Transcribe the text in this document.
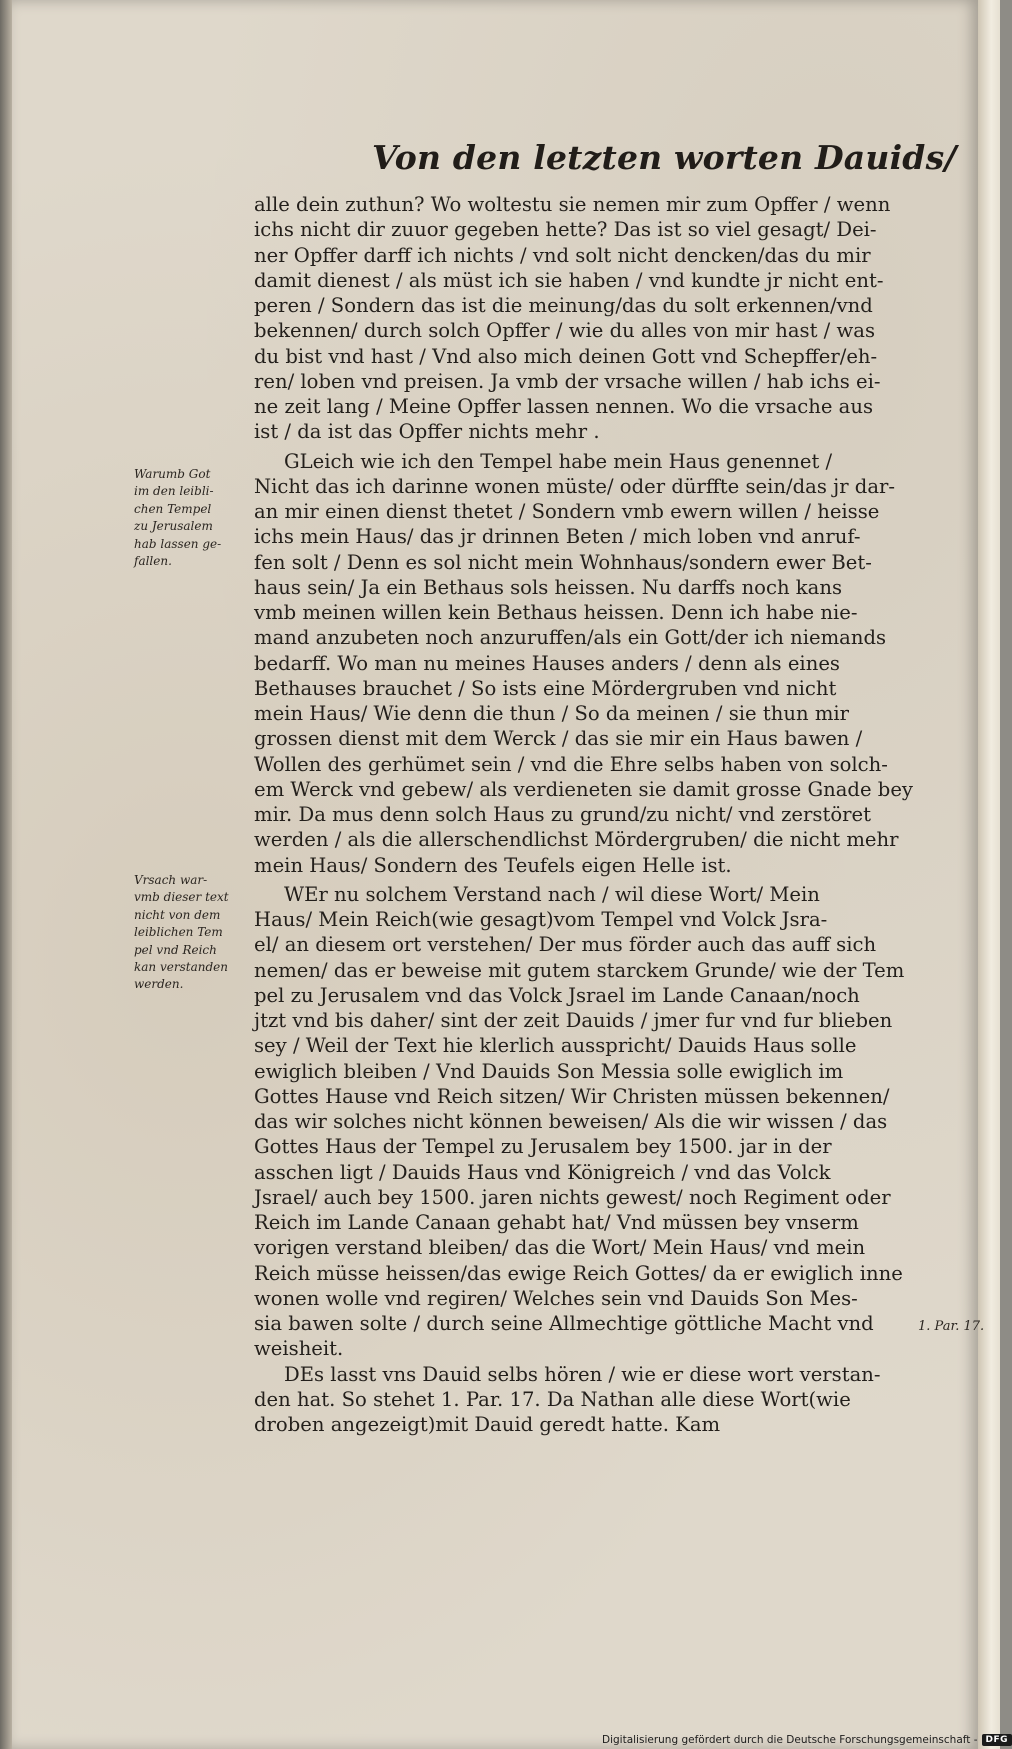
Von den letzten worten Dauids/
alle dein zuthun? Wo woltestu sie nemen mir zum Opffer / wenn
ichs nicht dir zuuor gegeben hette? Das ist so viel gesagt/ Dei-
ner Opffer darff ich nichts / vnd solt nicht dencken/das du mir
damit dienest / als müst ich sie haben / vnd kundte jr nicht ent-
peren / Sondern das ist die meinung/das du solt erkennen/vnd
bekennen/ durch solch Opffer / wie du alles von mir hast / was
du bist vnd hast / Vnd also mich deinen Gott vnd Schepffer/eh-
ren/ loben vnd preisen. Ja vmb der vrsache willen / hab ichs ei-
ne zeit lang / Meine Opffer lassen nennen. Wo die vrsache aus
ist / da ist das Opffer nichts mehr .
GLeich wie ich den Tempel habe mein Haus genennet /
Nicht das ich darinne wonen müste/ oder dürffte sein/das jr dar-
an mir einen dienst thetet / Sondern vmb ewern willen / heisse
ichs mein Haus/ das jr drinnen Beten / mich loben vnd anruf-
fen solt / Denn es sol nicht mein Wohnhaus/sondern ewer Bet-
haus sein/ Ja ein Bethaus sols heissen. Nu darffs noch kans
vmb meinen willen kein Bethaus heissen. Denn ich habe nie-
mand anzubeten noch anzuruffen/als ein Gott/der ich niemands
bedarff. Wo man nu meines Hauses anders / denn als eines
Bethauses brauchet / So ists eine Mördergruben vnd nicht
mein Haus/ Wie denn die thun / So da meinen / sie thun mir
grossen dienst mit dem Werck / das sie mir ein Haus bawen /
Wollen des gerhümet sein / vnd die Ehre selbs haben von solch-
em Werck vnd gebew/ als verdieneten sie damit grosse Gnade bey
mir. Da mus denn solch Haus zu grund/zu nicht/ vnd zerstöret
werden / als die allerschendlichst Mördergruben/ die nicht mehr
mein Haus/ Sondern des Teufels eigen Helle ist.
WEr nu solchem Verstand nach / wil diese Wort/ Mein
Haus/ Mein Reich(wie gesagt)vom Tempel vnd Volck Jsra-
el/ an diesem ort verstehen/ Der mus förder auch das auff sich
nemen/ das er beweise mit gutem starckem Grunde/ wie der Tem
pel zu Jerusalem vnd das Volck Jsrael im Lande Canaan/noch
jtzt vnd bis daher/ sint der zeit Dauids / jmer fur vnd fur blieben
sey / Weil der Text hie klerlich ausspricht/ Dauids Haus solle
ewiglich bleiben / Vnd Dauids Son Messia solle ewiglich im
Gottes Hause vnd Reich sitzen/ Wir Christen müssen bekennen/
das wir solches nicht können beweisen/ Als die wir wissen / das
Gottes Haus der Tempel zu Jerusalem bey 1500. jar in der
asschen ligt / Dauids Haus vnd Königreich / vnd das Volck
Jsrael/ auch bey 1500. jaren nichts gewest/ noch Regiment oder
Reich im Lande Canaan gehabt hat/ Vnd müssen bey vnserm
vorigen verstand bleiben/ das die Wort/ Mein Haus/ vnd mein
Reich müsse heissen/das ewige Reich Gottes/ da er ewiglich inne
wonen wolle vnd regiren/ Welches sein vnd Dauids Son Mes-
sia bawen solte / durch seine Allmechtige göttliche Macht vnd
weisheit.
DEs lasst vns Dauid selbs hören / wie er diese wort verstan-
den hat. So stehet 1. Par. 17. Da Nathan alle diese Wort(wie
droben angezeigt)mit Dauid geredt hatte. Kam
Warumb Got
im den leibli-
chen Tempel
zu Jerusalem
hab lassen ge-
fallen.
Vrsach war-
vmb dieser text
nicht von dem
leiblichen Tem
pel vnd Reich
kan verstanden
werden.
1. Par. 17.
Digitalisierung gefördert durch die Deutsche Forschungsgemeinschaft - DFG
